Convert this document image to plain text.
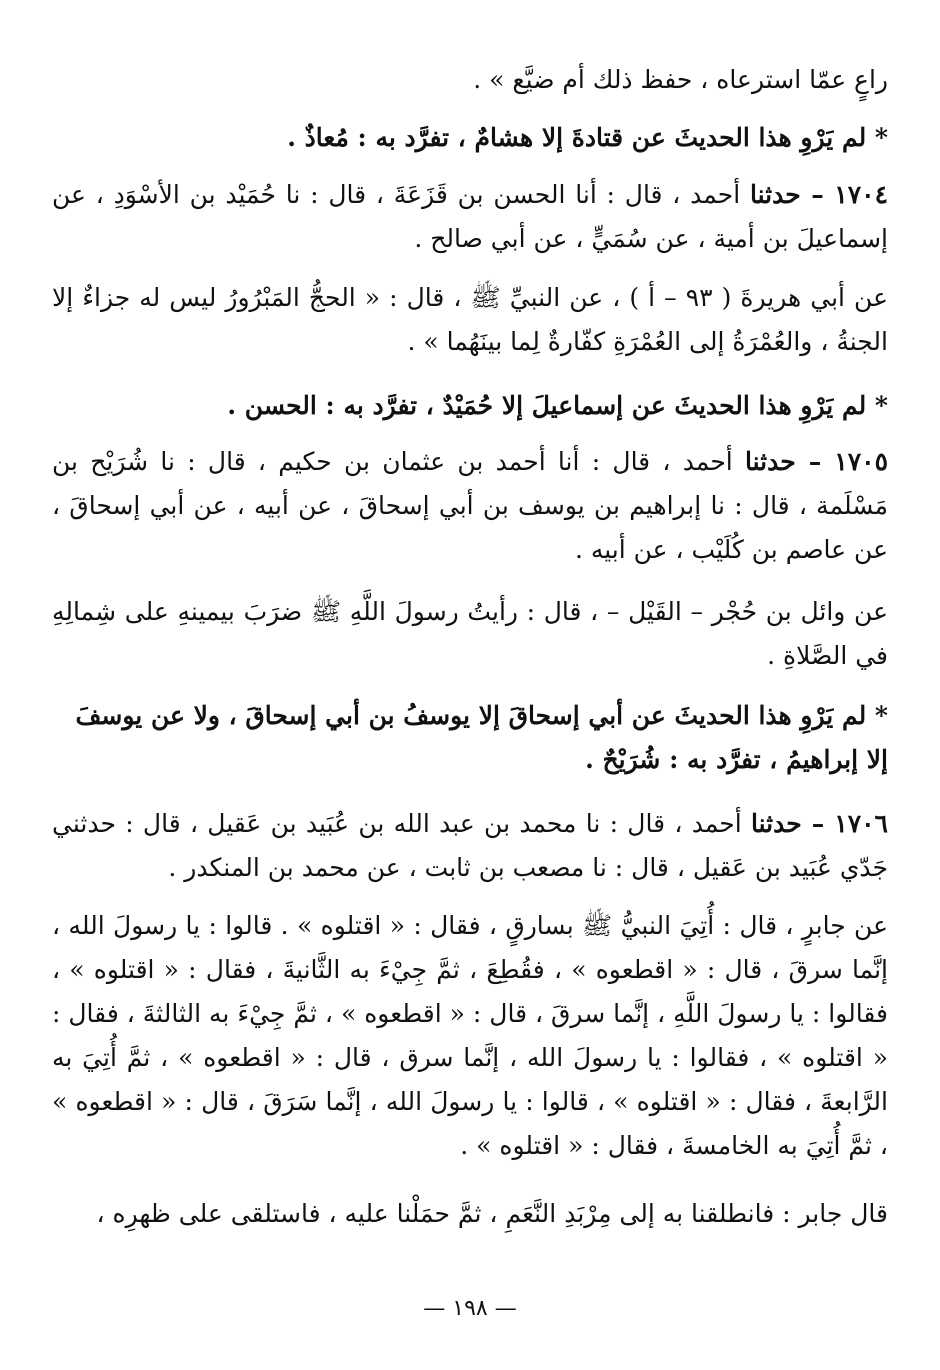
راعٍ عمّا استرعاه ، حفظ ذلك أم ضيَّع » .
* لم يَرْوِ هذا الحديثَ عن قتادةَ إلا هشامٌ ، تفرَّد به : مُعاذٌ .
١٧٠٤ – حدثنا أحمد ، قال : أنا الحسن بن قَزَعَةَ ، قال : نا حُمَيْد بن الأسْوَدِ ، عن إسماعيلَ بن أمية ، عن سُمَيٍّ ، عن أبي صالح .
عن أبي هريرةَ ( ٩٣ – أ ) ، عن النبيِّ ﷺ ، قال : « الحجُّ المَبْرُورُ ليس له جزاءٌ إلا الجنةُ ، والعُمْرَةُ إلى العُمْرَةِ كفّارةٌ لِما بينَهُما » .
* لم يَرْوِ هذا الحديثَ عن إسماعيلَ إلا حُمَيْدٌ ، تفرَّد به : الحسن .
١٧٠٥ – حدثنا أحمد ، قال : أنا أحمد بن عثمان بن حكيم ، قال : نا شُرَيْح بن مَسْلَمة ، قال : نا إبراهيم بن يوسف بن أبي إسحاقَ ، عن أبيه ، عن أبي إسحاقَ ، عن عاصم بن كُلَيْب ، عن أبيه .
عن وائل بن حُجْر – القَيْل – ، قال : رأيتُ رسولَ اللَّهِ ﷺ ضرَبَ بيمينهِ على شِمالِهِ في الصَّلاةِ .
* لم يَرْوِ هذا الحديثَ عن أبي إسحاقَ إلا يوسفُ بن أبي إسحاقَ ، ولا عن يوسفَ إلا إبراهيمُ ، تفرَّد به : شُرَيْحٌ .
١٧٠٦ – حدثنا أحمد ، قال : نا محمد بن عبد الله بن عُبَيد بن عَقيل ، قال : حدثني جَدّي عُبَيد بن عَقيل ، قال : نا مصعب بن ثابت ، عن محمد بن المنكدر .
عن جابرٍ ، قال : أُتِيَ النبيُّ ﷺ بسارقٍ ، فقال : « اقتلوه » . قالوا : يا رسولَ الله ، إنَّما سرقَ ، قال : « اقطعوه » ، فقُطِعَ ، ثمَّ جِيْءَ به الثَّانيةَ ، فقال : « اقتلوه » ، فقالوا : يا رسولَ اللَّهِ ، إنَّما سرقَ ، قال : « اقطعوه » ، ثمَّ جِيْءَ به الثالثةَ ، فقال : « اقتلوه » ، فقالوا : يا رسولَ الله ، إنَّما سرق ، قال : « اقطعوه » ، ثمَّ أُتِيَ به الرَّابعةَ ، فقال : « اقتلوه » ، قالوا : يا رسولَ الله ، إنَّما سَرَقَ ، قال : « اقطعوه » ، ثمَّ أُتِيَ به الخامسةَ ، فقال : « اقتلوه » .
قال جابر : فانطلقنا به إلى مِرْبَدِ النَّعَمِ ، ثمَّ حمَلْنا عليه ، فاستلقى على ظهرِه ،
— ١٩٨ —
